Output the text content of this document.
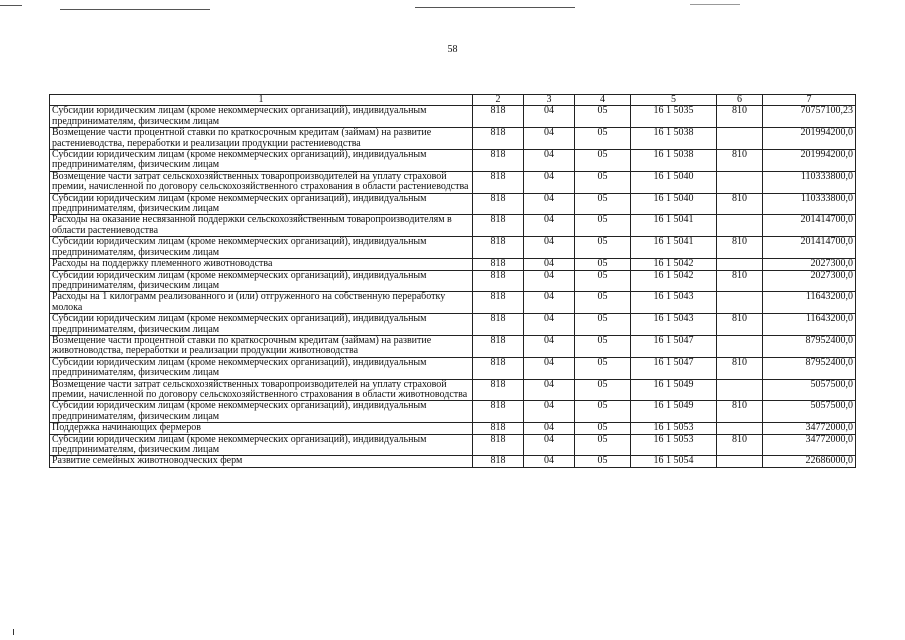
58
1	2	3	4	5	6	7
Субсидии юридическим лицам (кроме некоммерческих организаций), индивидуальным предпринимателям, физическим лицам	818	04	05	16 1 5035	810	70757100,23
Возмещение части процентной ставки по краткосрочным кредитам (займам) на развитие растениеводства, переработки и реализации продукции растениеводства	818	04	05	16 1 5038		201994200,0
Субсидии юридическим лицам (кроме некоммерческих организаций), индивидуальным предпринимателям, физическим лицам	818	04	05	16 1 5038	810	201994200,0
Возмещение части затрат сельскохозяйственных товаропроизводителей на уплату страховой премии, начисленной по договору сельскохозяйственного страхования в области растениеводства	818	04	05	16 1 5040		110333800,0
Субсидии юридическим лицам (кроме некоммерческих организаций), индивидуальным предпринимателям, физическим лицам	818	04	05	16 1 5040	810	110333800,0
Расходы на оказание несвязанной поддержки сельскохозяйственным товаропроизводителям в области растениеводства	818	04	05	16 1 5041		201414700,0
Субсидии юридическим лицам (кроме некоммерческих организаций), индивидуальным предпринимателям, физическим лицам	818	04	05	16 1 5041	810	201414700,0
Расходы на поддержку племенного животноводства	818	04	05	16 1 5042		2027300,0
Субсидии юридическим лицам (кроме некоммерческих организаций), индивидуальным предпринимателям, физическим лицам	818	04	05	16 1 5042	810	2027300,0
Расходы на 1 килограмм реализованного и (или) отгруженного на собственную переработку молока	818	04	05	16 1 5043		11643200,0
Субсидии юридическим лицам (кроме некоммерческих организаций), индивидуальным предпринимателям, физическим лицам	818	04	05	16 1 5043	810	11643200,0
Возмещение части процентной ставки по краткосрочным кредитам (займам) на развитие животноводства, переработки и реализации продукции животноводства	818	04	05	16 1 5047		87952400,0
Субсидии юридическим лицам (кроме некоммерческих организаций), индивидуальным предпринимателям, физическим лицам	818	04	05	16 1 5047	810	87952400,0
Возмещение части затрат сельскохозяйственных товаропроизводителей на уплату страховой премии, начисленной по договору сельскохозяйственного страхования в области животноводства	818	04	05	16 1 5049		5057500,0
Субсидии юридическим лицам (кроме некоммерческих организаций), индивидуальным предпринимателям, физическим лицам	818	04	05	16 1 5049	810	5057500,0
Поддержка начинающих фермеров	818	04	05	16 1 5053		34772000,0
Субсидии юридическим лицам (кроме некоммерческих организаций), индивидуальным предпринимателям, физическим лицам	818	04	05	16 1 5053	810	34772000,0
Развитие семейных животноводческих ферм	818	04	05	16 1 5054		22686000,0
